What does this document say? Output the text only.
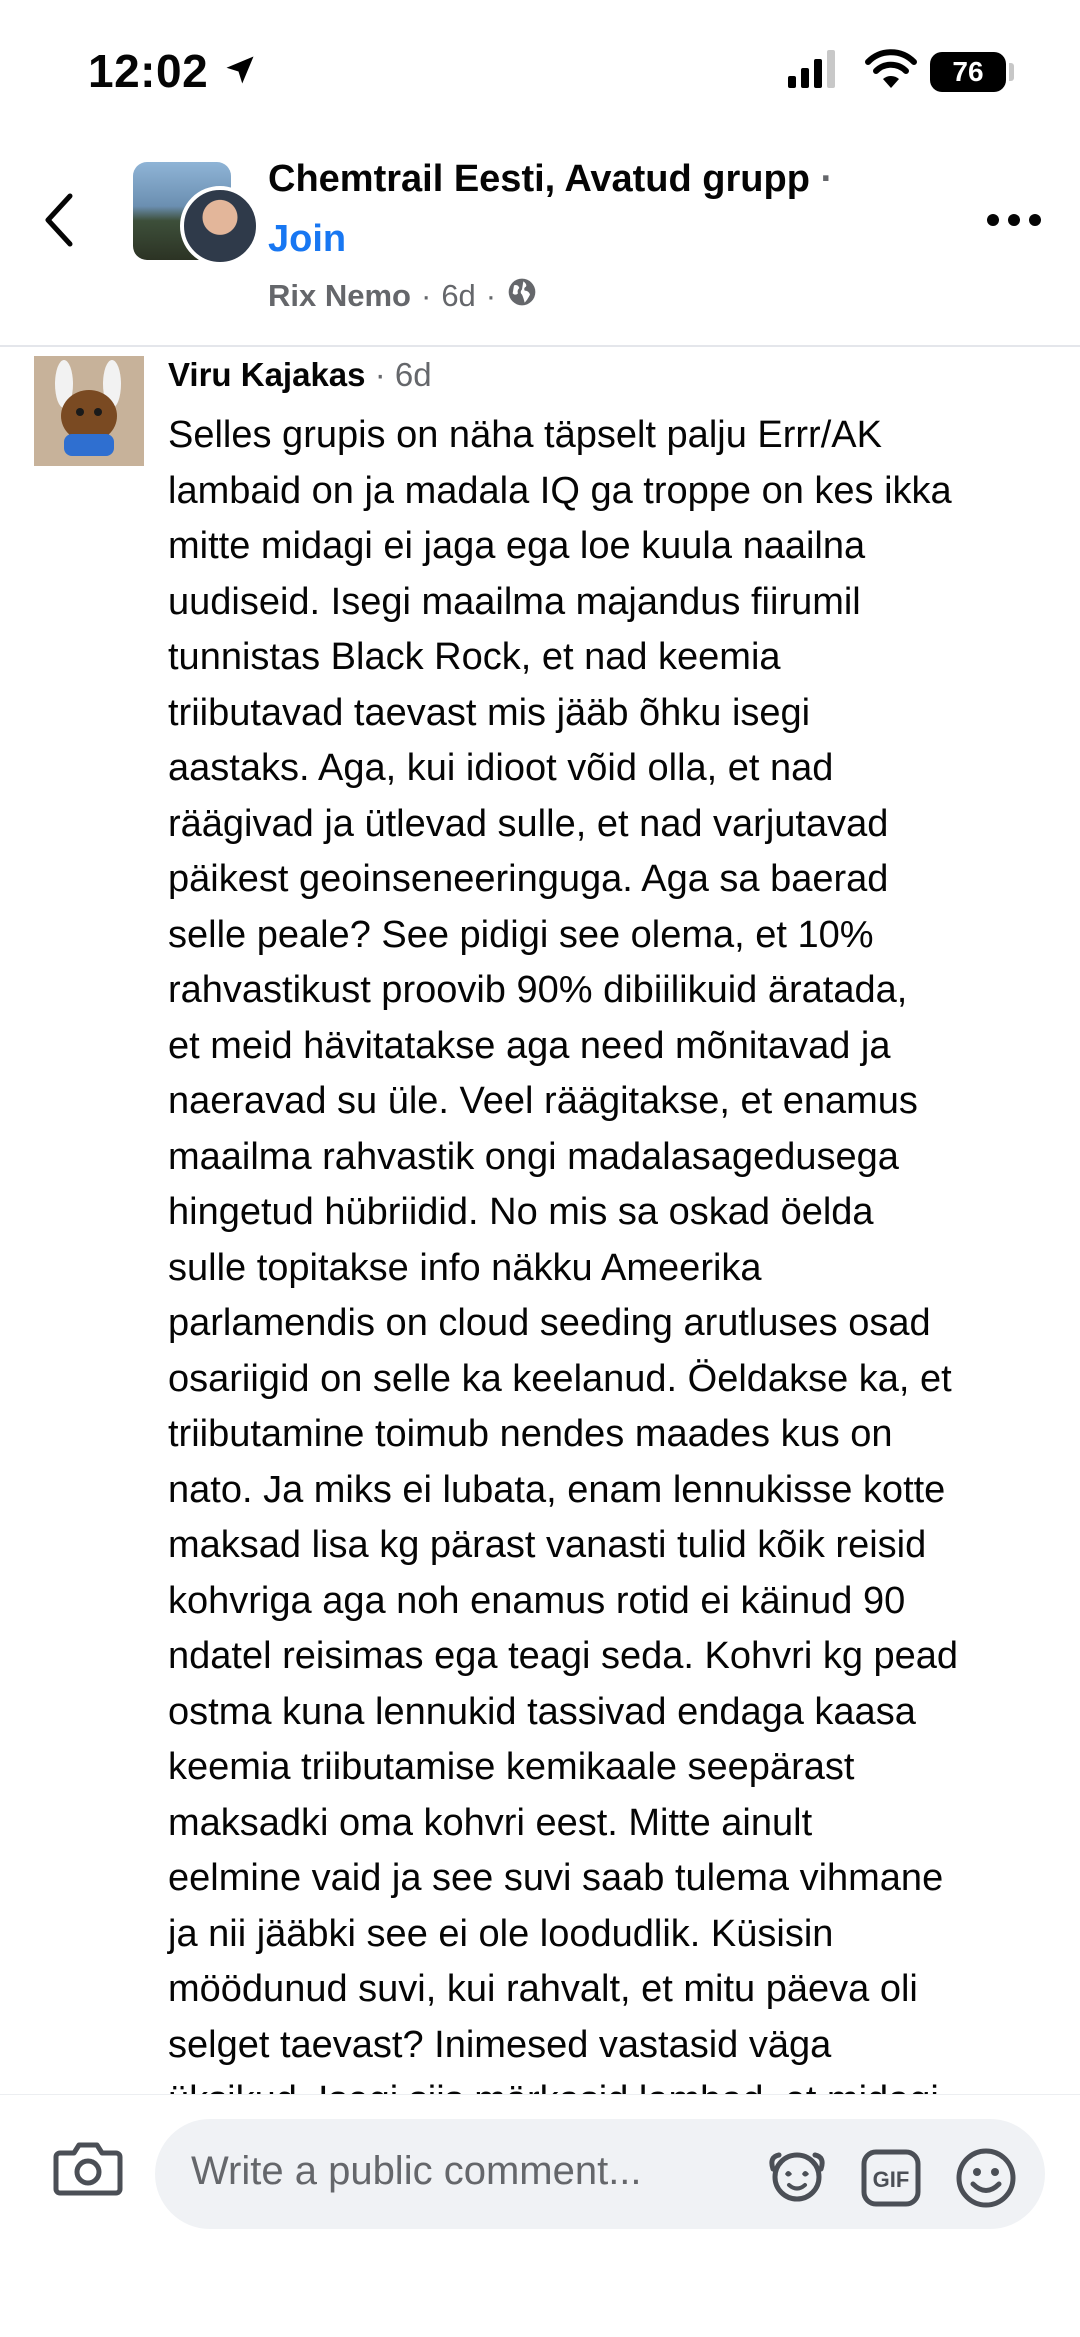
12:02	76
Chemtrail Eesti, Avatud grupp ·
Join
Rix Nemo · 6d ·
Viru Kajakas · 6d
Selles grupis on näha täpselt palju Errr/AK
lambaid on ja madala IQ ga troppe on kes ikka
mitte midagi ei jaga ega loe kuula naailna
uudiseid. Isegi maailma majandus fiirumil
tunnistas Black Rock, et nad keemia
triibutavad taevast mis jääb õhku isegi
aastaks. Aga, kui idioot võid olla, et nad
räägivad ja ütlevad sulle, et nad varjutavad
päikest geoinseneeringuga. Aga sa baerad
selle peale? See pidigi see olema, et 10%
rahvastikust proovib 90% dibiilikuid äratada,
et meid hävitatakse aga need mõnitavad ja
naeravad su üle. Veel räägitakse, et enamus
maailma rahvastik ongi madalasagedusega
hingetud hübriidid. No mis sa oskad öelda
sulle topitakse info näkku Ameerika
parlamendis on cloud seeding arutluses osad
osariigid on selle ka keelanud. Öeldakse ka, et
triibutamine toimub nendes maades kus on
nato. Ja miks ei lubata, enam lennukisse kotte
maksad lisa kg pärast vanasti tulid kõik reisid
kohvriga aga noh enamus rotid ei käinud 90
ndatel reisimas ega teagi seda. Kohvri kg pead
ostma kuna lennukid tassivad endaga kaasa
keemia triibutamise kemikaale seepärast
maksadki oma kohvri eest. Mitte ainult
eelmine vaid ja see suvi saab tulema vihmane
ja nii jääbki see ei ole loodudlik. Küsisin
möödunud suvi, kui rahvalt, et mitu päeva oli
selget taevast? Inimesed vastasid väga
Write a public comment...	GIF
